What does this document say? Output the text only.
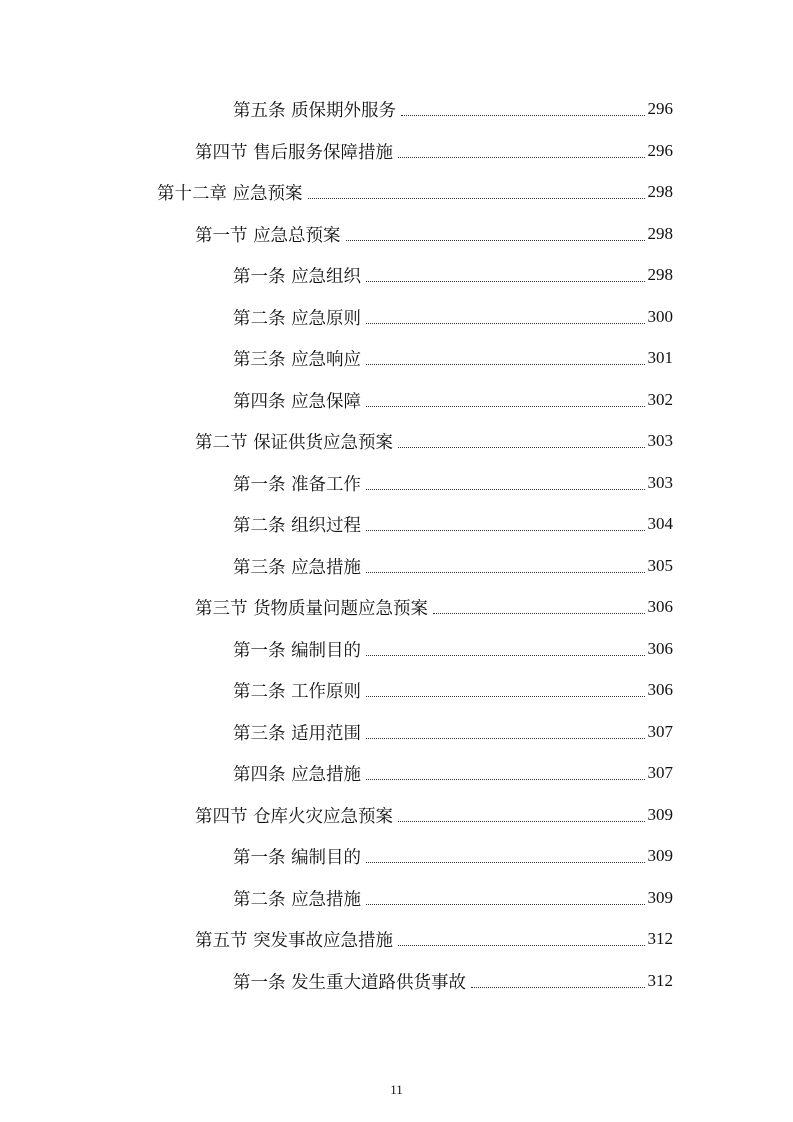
第五条 质保期外服务	296
第四节 售后服务保障措施	296
第十二章 应急预案	298
第一节 应急总预案	298
第一条 应急组织	298
第二条 应急原则	300
第三条 应急响应	301
第四条 应急保障	302
第二节 保证供货应急预案	303
第一条 准备工作	303
第二条 组织过程	304
第三条 应急措施	305
第三节 货物质量问题应急预案	306
第一条 编制目的	306
第二条 工作原则	306
第三条 适用范围	307
第四条 应急措施	307
第四节 仓库火灾应急预案	309
第一条 编制目的	309
第二条 应急措施	309
第五节 突发事故应急措施	312
第一条 发生重大道路供货事故	312
11
